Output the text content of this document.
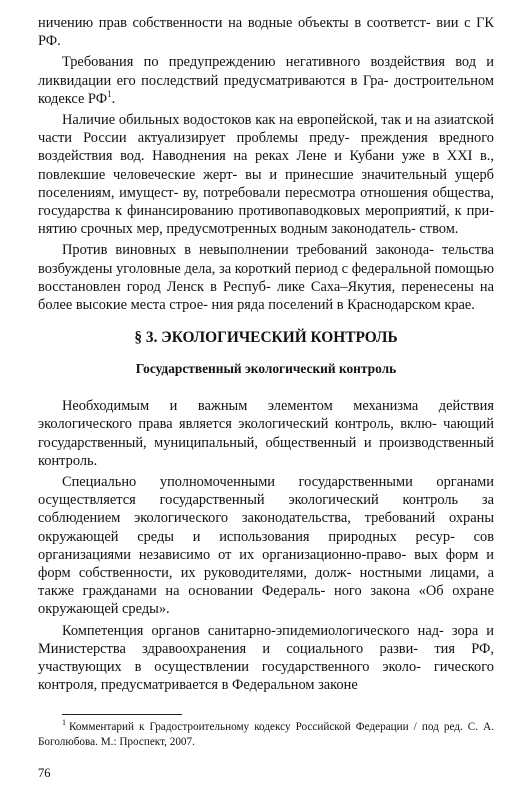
ничению прав собственности на водные объекты в соответст- вии с ГК РФ.

Требования по предупреждению негативного воздействия вод и ликвидации его последствий предусматриваются в Гра- достроительном кодексе $РФ^1$.

Наличие обильных водостоков как на европейской, так и на азиатской части России актуализирует проблемы преду- преждения вредного воздействия вод. Наводнения на реках Лене и Кубани уже в XXI в., повлекшие человеческие жерт- вы и принесшие значительный ущерб поселениям, имущест- ву, потребовали пересмотра отношения общества, государства к финансированию противопаводковых мероприятий, к при- нятию срочных мер, предусмотренных водным законодатель- ством.

Против виновных в невыполнении требований законода- тельства возбуждены уголовные дела, за короткий период с федеральной помощью восстановлен город Ленск в Респуб- лике Саха–Якутия, перенесены на более высокие места строе- ния ряда поселений в Краснодарском крае.

§ 3. ЭКОЛОГИЧЕСКИЙ КОНТРОЛЬ
Государственный экологический контроль

Необходимым и важным элементом механизма действия экологического права является экологический контроль, вклю- чающий государственный, муниципальный, общественный и производственный контроль.

Специально уполномоченными государственными органами осуществляется государственный экологический контроль за соблюдением экологического законодательства, требований охраны окружающей среды и использования природных ресур- сов организациями независимо от их организационно-право- вых форм и форм собственности, их руководителями, долж- ностными лицами, а также гражданами на основании Федераль- ного закона «Об охране окружающей среды».

Компетенция органов санитарно-эпидемиологического над- зора и Министерства здравоохранения и социального разви- тия РФ, участвующих в осуществлении государственного эколо- гического контроля, предусматривается в Федеральном законе

$^1$ Комментарий к Градостроительному кодексу Российской Федерации / под ред. С. А. Боголюбова. М.: Проспект, 2007.

76
